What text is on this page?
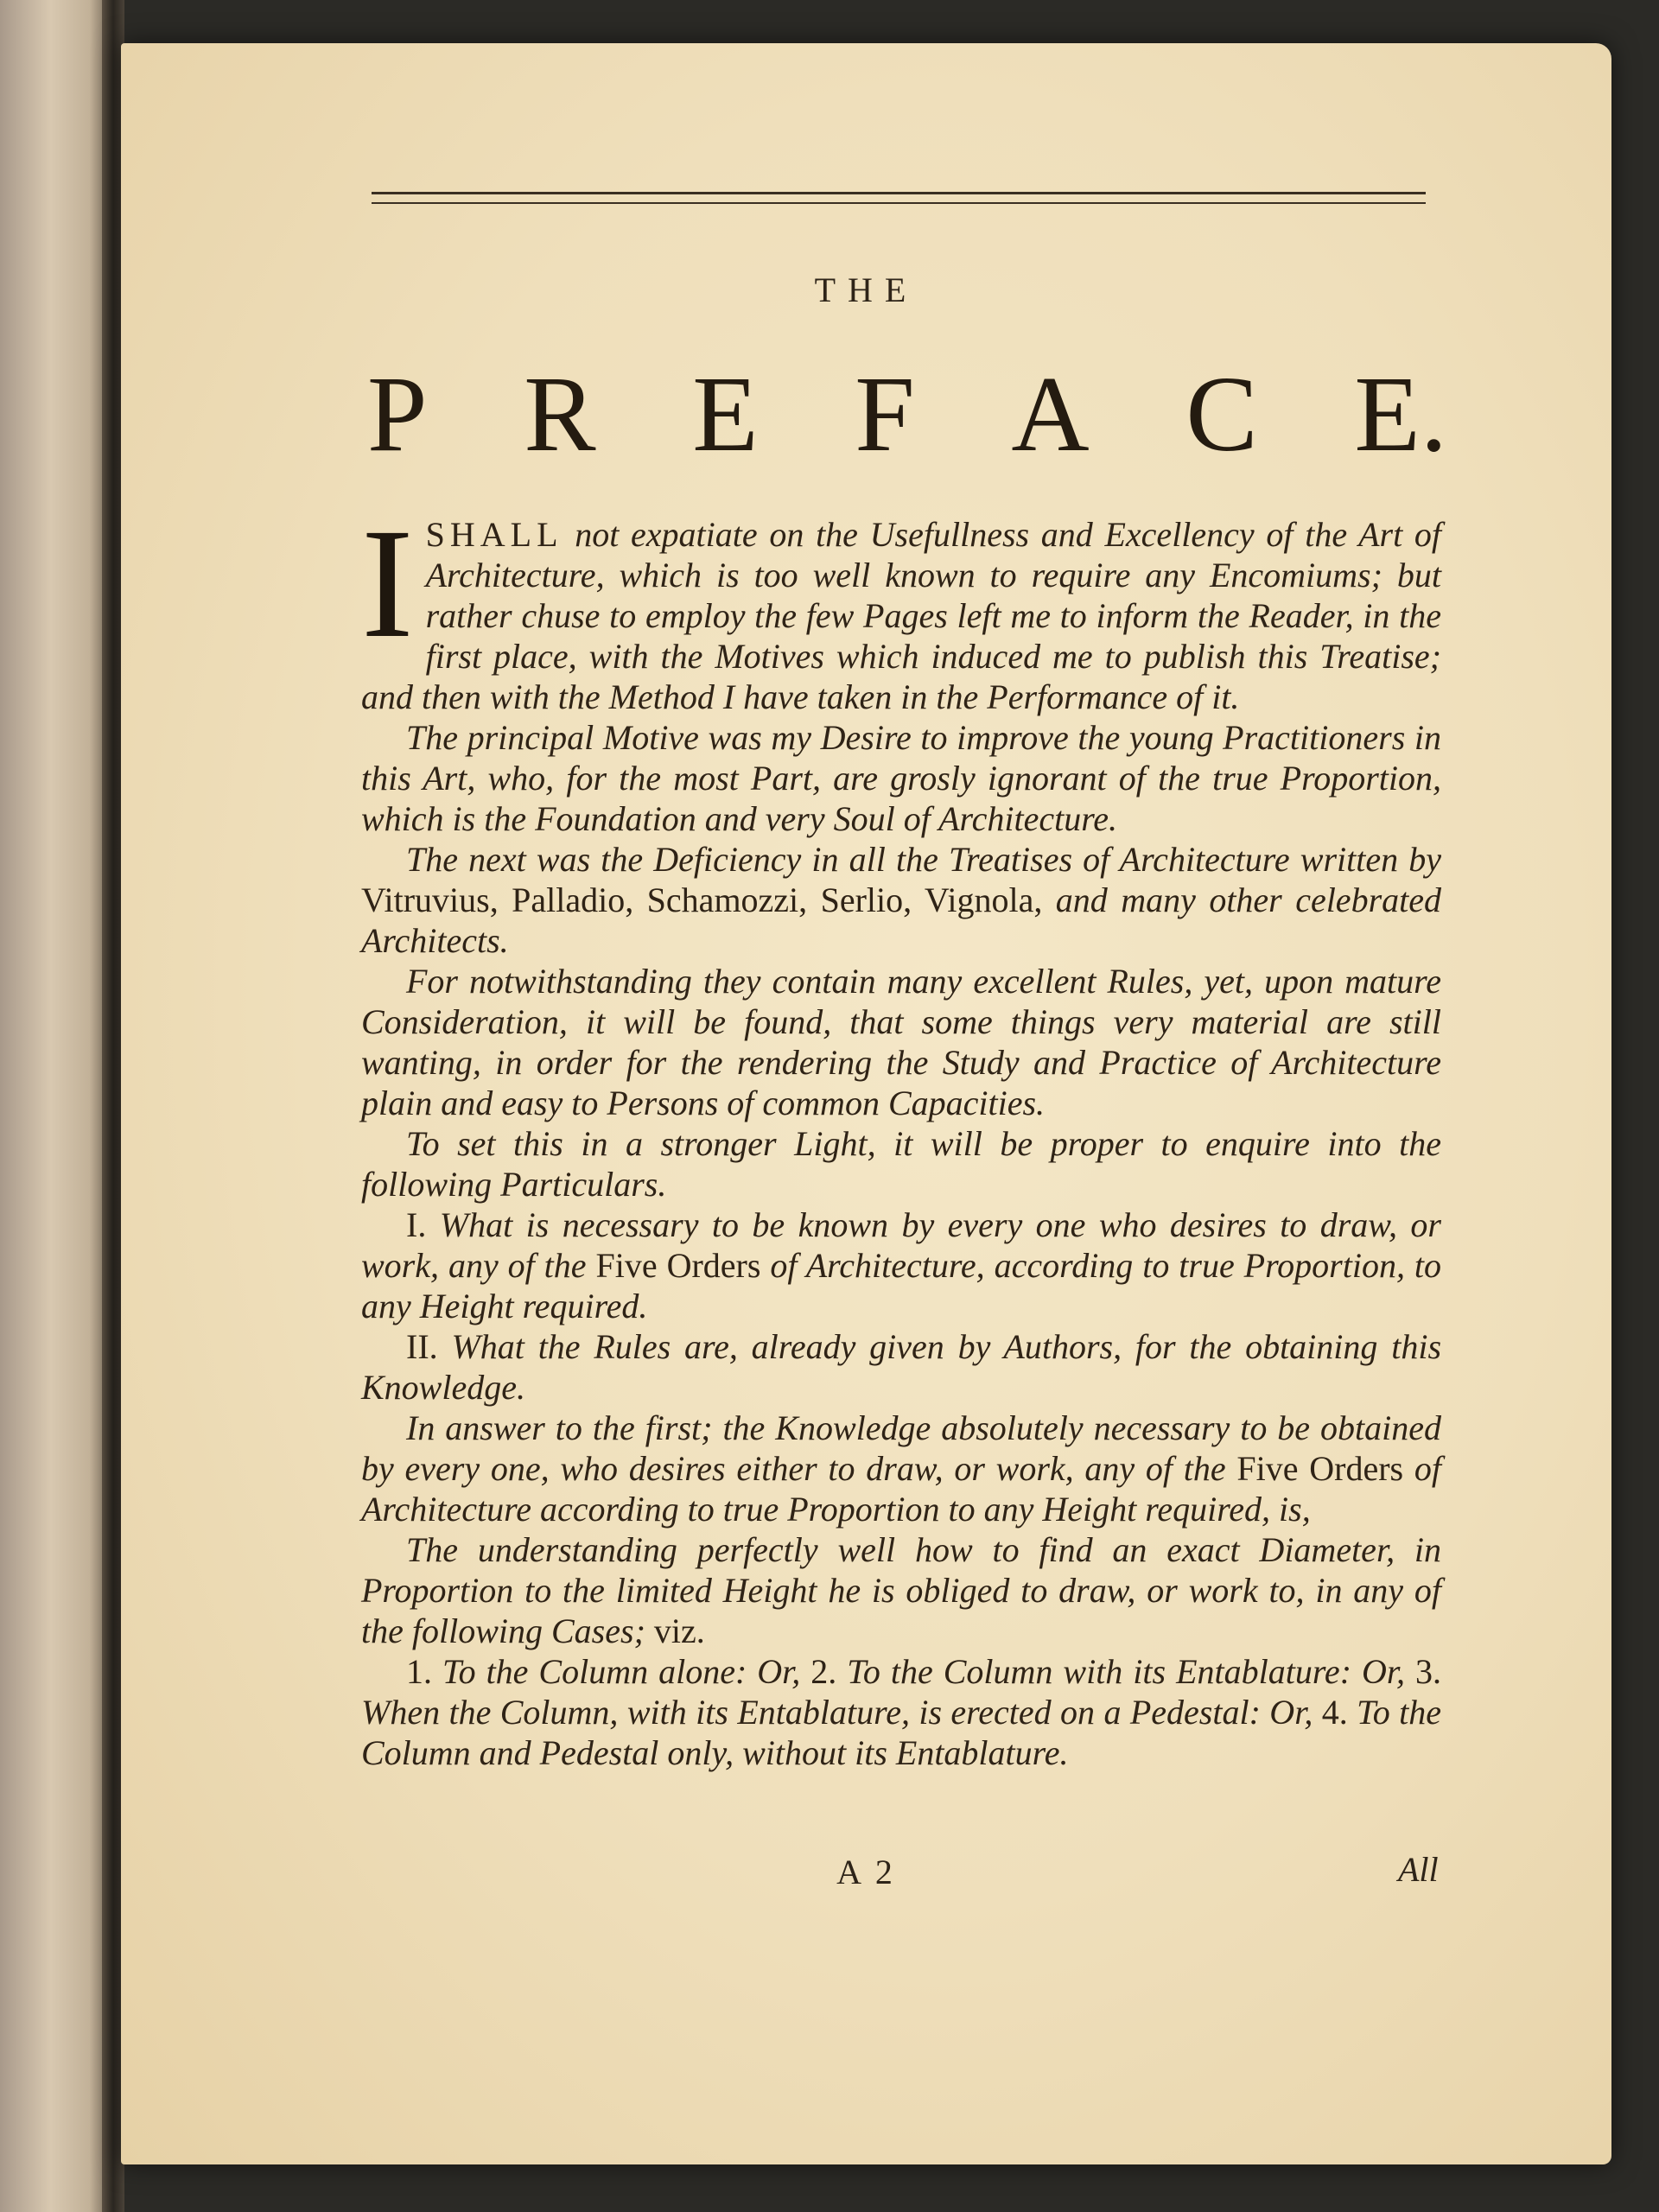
THE
P R E F A C E.

ISHALL not expatiate on the Usefullness and Excellency of the Art of Architecture, which is too well known to require any Encomiums; but rather chuse to employ the few Pages left me to inform the Reader, in the first place, with the Motives which induced me to publish this Treatise; and then with the Method I have taken in the Performance of it.

The principal Motive was my Desire to improve the young Practitioners in this Art, who, for the most Part, are grosly ignorant of the true Proportion, which is the Foundation and very Soul of Architecture.

The next was the Deficiency in all the Treatises of Architecture written by Vitruvius, Palladio, Schamozzi, Serlio, Vignola, and many other celebrated Architects.

For notwithstanding they contain many excellent Rules, yet, upon mature Consideration, it will be found, that some things very material are still wanting, in order for the rendering the Study and Practice of Architecture plain and easy to Persons of common Capacities.

To set this in a stronger Light, it will be proper to enquire into the following Particulars.

I. What is necessary to be known by every one who desires to draw, or work, any of the Five Orders of Architecture, according to true Proportion, to any Height required.

II. What the Rules are, already given by Authors, for the obtaining this Knowledge.

In answer to the first; the Knowledge absolutely necessary to be obtained by every one, who desires either to draw, or work, any of the Five Orders of Architecture according to true Proportion to any Height required, is,

The understanding perfectly well how to find an exact Diameter, in Proportion to the limited Height he is obliged to draw, or work to, in any of the following Cases; viz.

1. To the Column alone: Or, 2. To the Column with its Entablature: Or, 3. When the Column, with its Entablature, is erected on a Pedestal: Or, 4. To the Column and Pedestal only, without its Entablature.

A 2	All
